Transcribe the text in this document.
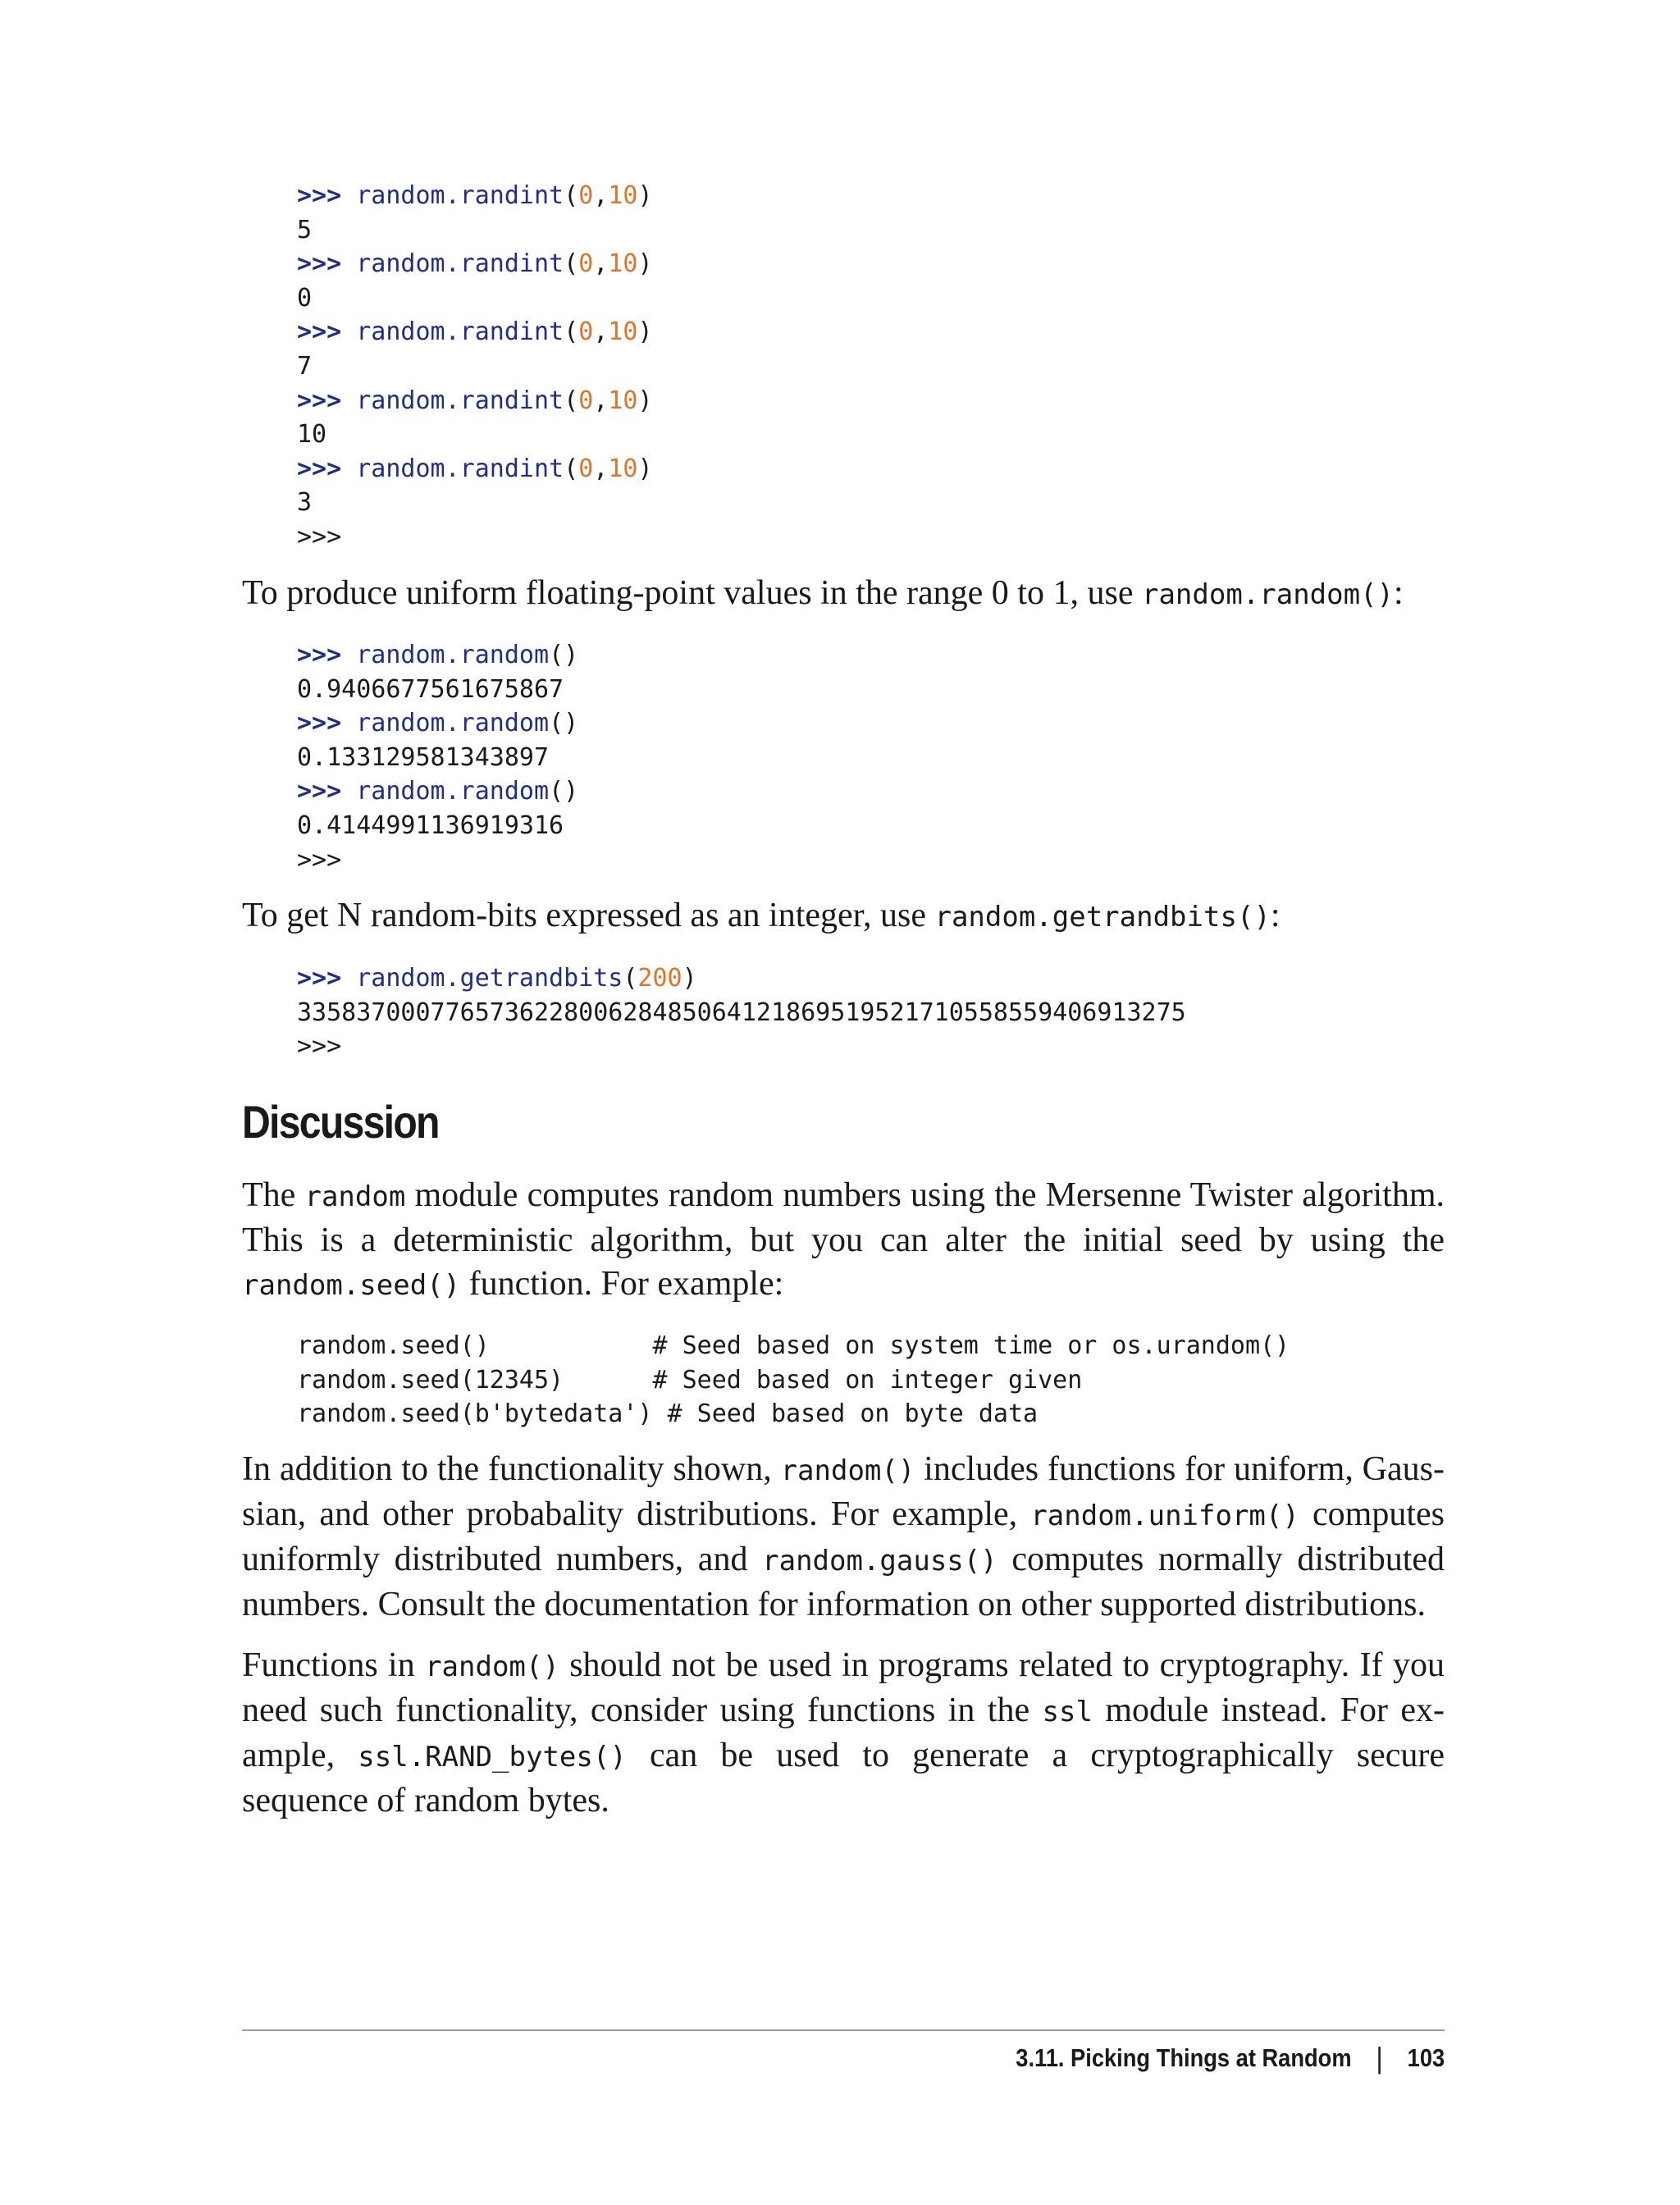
>>> random.randint(0,10)
5
>>> random.randint(0,10)
0
>>> random.randint(0,10)
7
>>> random.randint(0,10)
10
>>> random.randint(0,10)
3
>>>

To produce uniform floating-point values in the range 0 to 1, use random.random():

>>> random.random()
0.9406677561675867
>>> random.random()
0.133129581343897
>>> random.random()
0.4144991136919316
>>>

To get N random-bits expressed as an integer, use random.getrandbits():

>>> random.getrandbits(200)
335837000776573622800628485064121869519521710558559406913275
>>>
Discussion

The random module computes random numbers using the Mersenne Twister algorithm. This is a deterministic algorithm, but you can alter the initial seed by using the random.seed() function. For example:

random.seed()           # Seed based on system time or os.urandom()
random.seed(12345)      # Seed based on integer given
random.seed(b'bytedata') # Seed based on byte data

In addition to the functionality shown, random() includes functions for uniform, Gaussian, and other probabality distributions. For example, random.uniform() computes uniformly distributed numbers, and random.gauss() computes normally distributed numbers. Consult the documentation for information on other supported distributions.

Functions in random() should not be used in programs related to cryptography. If you need such functionality, consider using functions in the ssl module instead. For example, ssl.RAND_bytes() can be used to generate a cryptographically secure sequence of random bytes.

3.11. Picking Things at Random | 103
